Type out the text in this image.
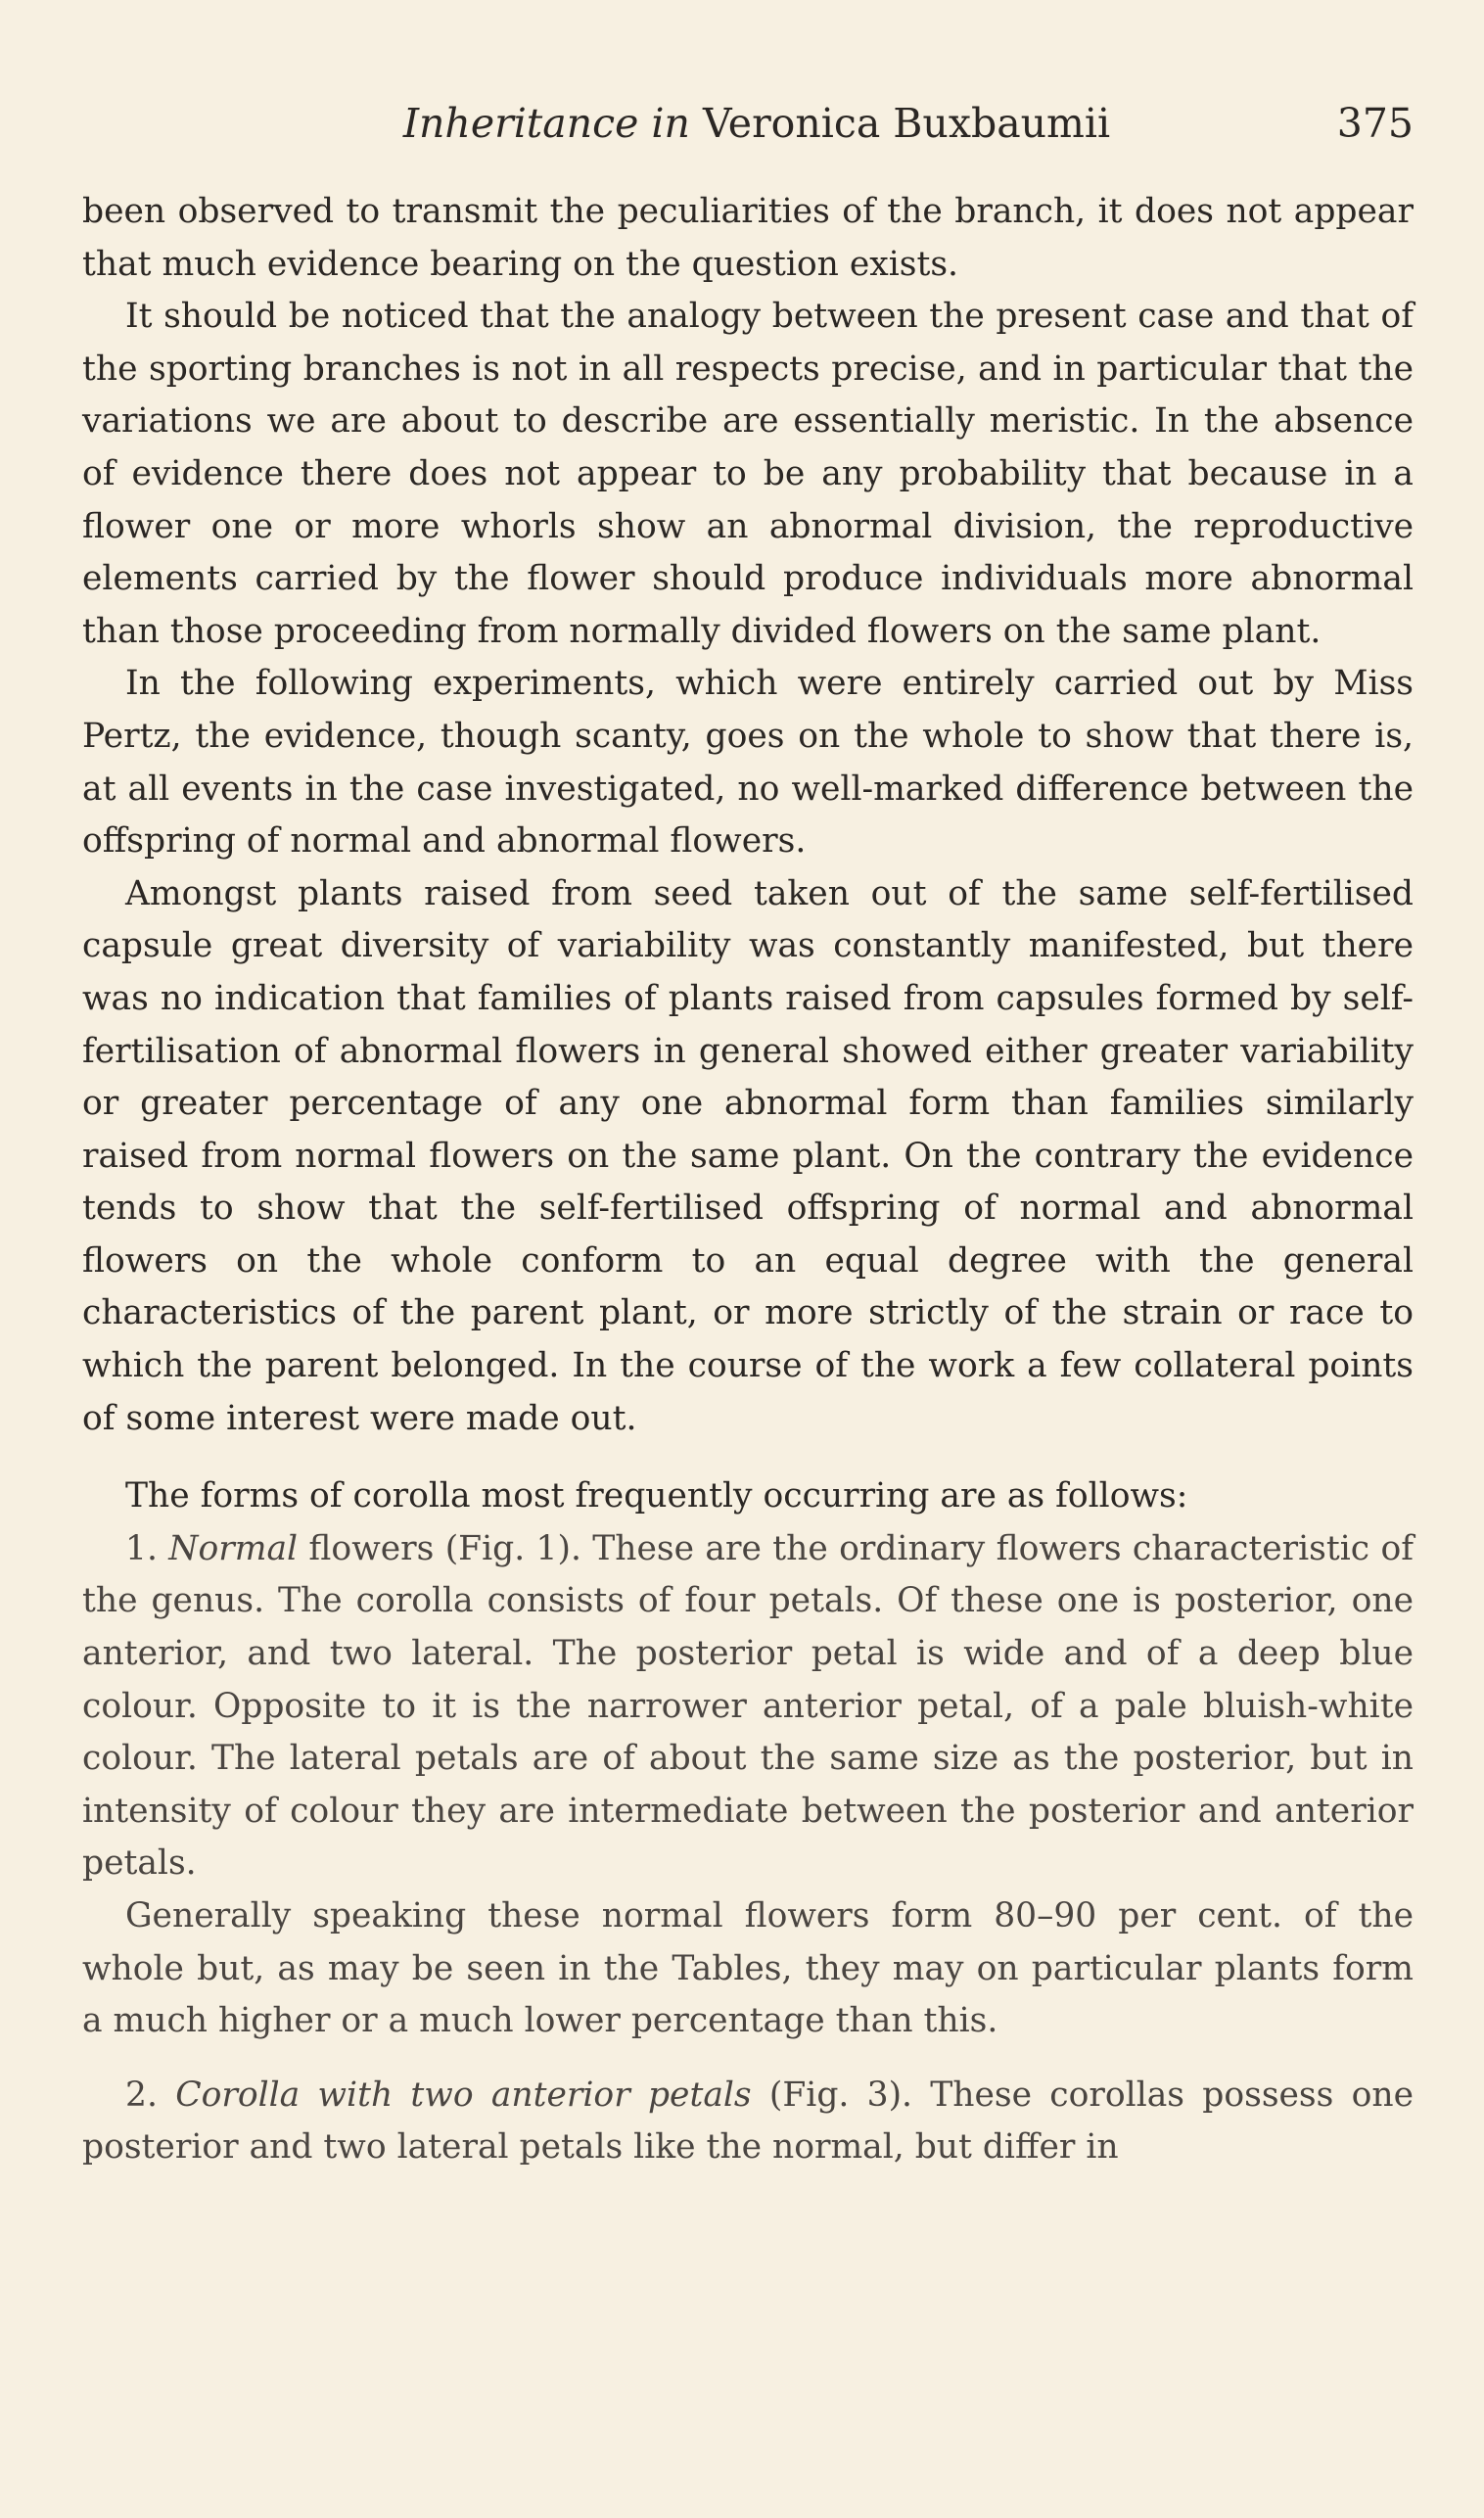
Inheritance in Veronica Buxbaumii	375

been observed to transmit the peculiarities of the branch, it does not appear that much evidence bearing on the question exists.

It should be noticed that the analogy between the present case and that of the sporting branches is not in all respects precise, and in particular that the variations we are about to describe are essentially meristic. In the absence of evidence there does not appear to be any probability that because in a flower one or more whorls show an abnormal division, the reproductive elements carried by the flower should produce individuals more abnormal than those proceeding from normally divided flowers on the same plant.

In the following experiments, which were entirely carried out by Miss Pertz, the evidence, though scanty, goes on the whole to show that there is, at all events in the case investigated, no well-marked difference between the offspring of normal and abnormal flowers.

Amongst plants raised from seed taken out of the same self-fertilised capsule great diversity of variability was constantly manifested, but there was no indication that families of plants raised from capsules formed by self-fertilisation of abnormal flowers in general showed either greater variability or greater percentage of any one abnormal form than families similarly raised from normal flowers on the same plant. On the contrary the evidence tends to show that the self-fertilised offspring of normal and abnormal flowers on the whole conform to an equal degree with the general characteristics of the parent plant, or more strictly of the strain or race to which the parent belonged. In the course of the work a few collateral points of some interest were made out.

The forms of corolla most frequently occurring are as follows:

1. Normal flowers (Fig. 1). These are the ordinary flowers characteristic of the genus. The corolla consists of four petals. Of these one is posterior, one anterior, and two lateral. The posterior petal is wide and of a deep blue colour. Opposite to it is the narrower anterior petal, of a pale bluish-white colour. The lateral petals are of about the same size as the posterior, but in intensity of colour they are intermediate between the posterior and anterior petals.

Generally speaking these normal flowers form 80–90 per cent. of the whole but, as may be seen in the Tables, they may on particular plants form a much higher or a much lower percentage than this.

2. Corolla with two anterior petals (Fig. 3). These corollas possess one posterior and two lateral petals like the normal, but differ in
